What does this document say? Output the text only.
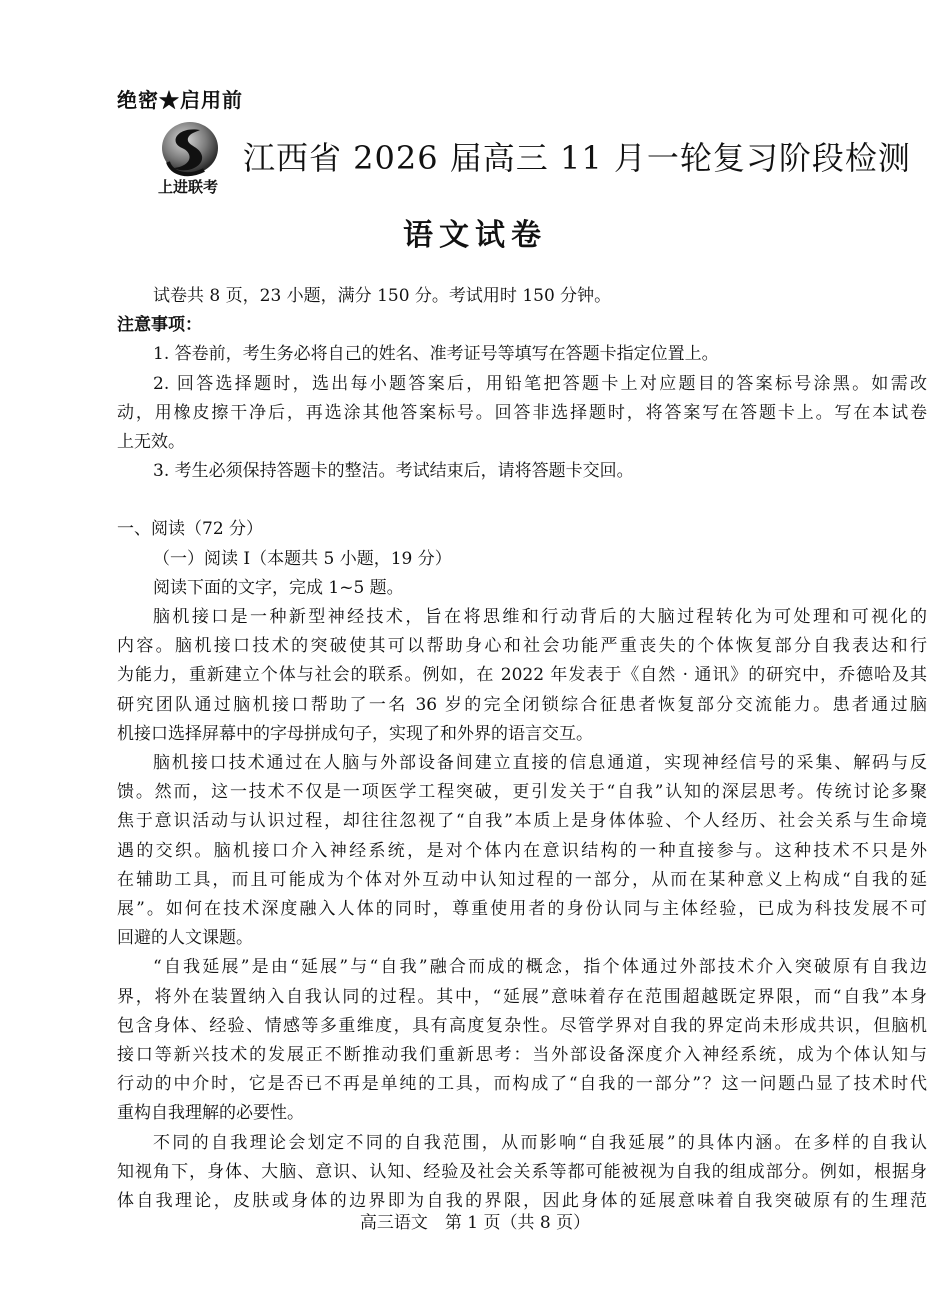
绝密★启用前
上进联考
江西省 2026 届高三 11 月一轮复习阶段检测
语文试卷
试卷共 8 页，23 小题，满分 150 分。考试用时 150 分钟。
注意事项：
1. 答卷前，考生务必将自己的姓名、准考证号等填写在答题卡指定位置上。
2. 回答选择题时，选出每小题答案后，用铅笔把答题卡上对应题目的答案标号涂黑。如需改
动，用橡皮擦干净后，再选涂其他答案标号。回答非选择题时，将答案写在答题卡上。写在本试卷
上无效。
3. 考生必须保持答题卡的整洁。考试结束后，请将答题卡交回。
一、阅读（72 分）
（一）阅读 Ⅰ（本题共 5 小题，19 分）
阅读下面的文字，完成 1~5 题。
脑机接口是一种新型神经技术，旨在将思维和行动背后的大脑过程转化为可处理和可视化的
内容。脑机接口技术的突破使其可以帮助身心和社会功能严重丧失的个体恢复部分自我表达和行
为能力，重新建立个体与社会的联系。例如，在 2022 年发表于《自然 · 通讯》的研究中，乔德哈及其
研究团队通过脑机接口帮助了一名 36 岁的完全闭锁综合征患者恢复部分交流能力。患者通过脑
机接口选择屏幕中的字母拼成句子，实现了和外界的语言交互。
脑机接口技术通过在人脑与外部设备间建立直接的信息通道，实现神经信号的采集、解码与反
馈。然而，这一技术不仅是一项医学工程突破，更引发关于“自我”认知的深层思考。传统讨论多聚
焦于意识活动与认识过程，却往往忽视了“自我”本质上是身体体验、个人经历、社会关系与生命境
遇的交织。脑机接口介入神经系统，是对个体内在意识结构的一种直接参与。这种技术不只是外
在辅助工具，而且可能成为个体对外互动中认知过程的一部分，从而在某种意义上构成“自我的延
展”。如何在技术深度融入人体的同时，尊重使用者的身份认同与主体经验，已成为科技发展不可
回避的人文课题。
“自我延展”是由“延展”与“自我”融合而成的概念，指个体通过外部技术介入突破原有自我边
界，将外在装置纳入自我认同的过程。其中，“延展”意味着存在范围超越既定界限，而“自我”本身
包含身体、经验、情感等多重维度，具有高度复杂性。尽管学界对自我的界定尚未形成共识，但脑机
接口等新兴技术的发展正不断推动我们重新思考：当外部设备深度介入神经系统，成为个体认知与
行动的中介时，它是否已不再是单纯的工具，而构成了“自我的一部分”？这一问题凸显了技术时代
重构自我理解的必要性。
不同的自我理论会划定不同的自我范围，从而影响“自我延展”的具体内涵。在多样的自我认
知视角下，身体、大脑、意识、认知、经验及社会关系等都可能被视为自我的组成部分。例如，根据身
体自我理论，皮肤或身体的边界即为自我的界限，因此身体的延展意味着自我突破原有的生理范
高三语文　第 1 页（共 8 页）
